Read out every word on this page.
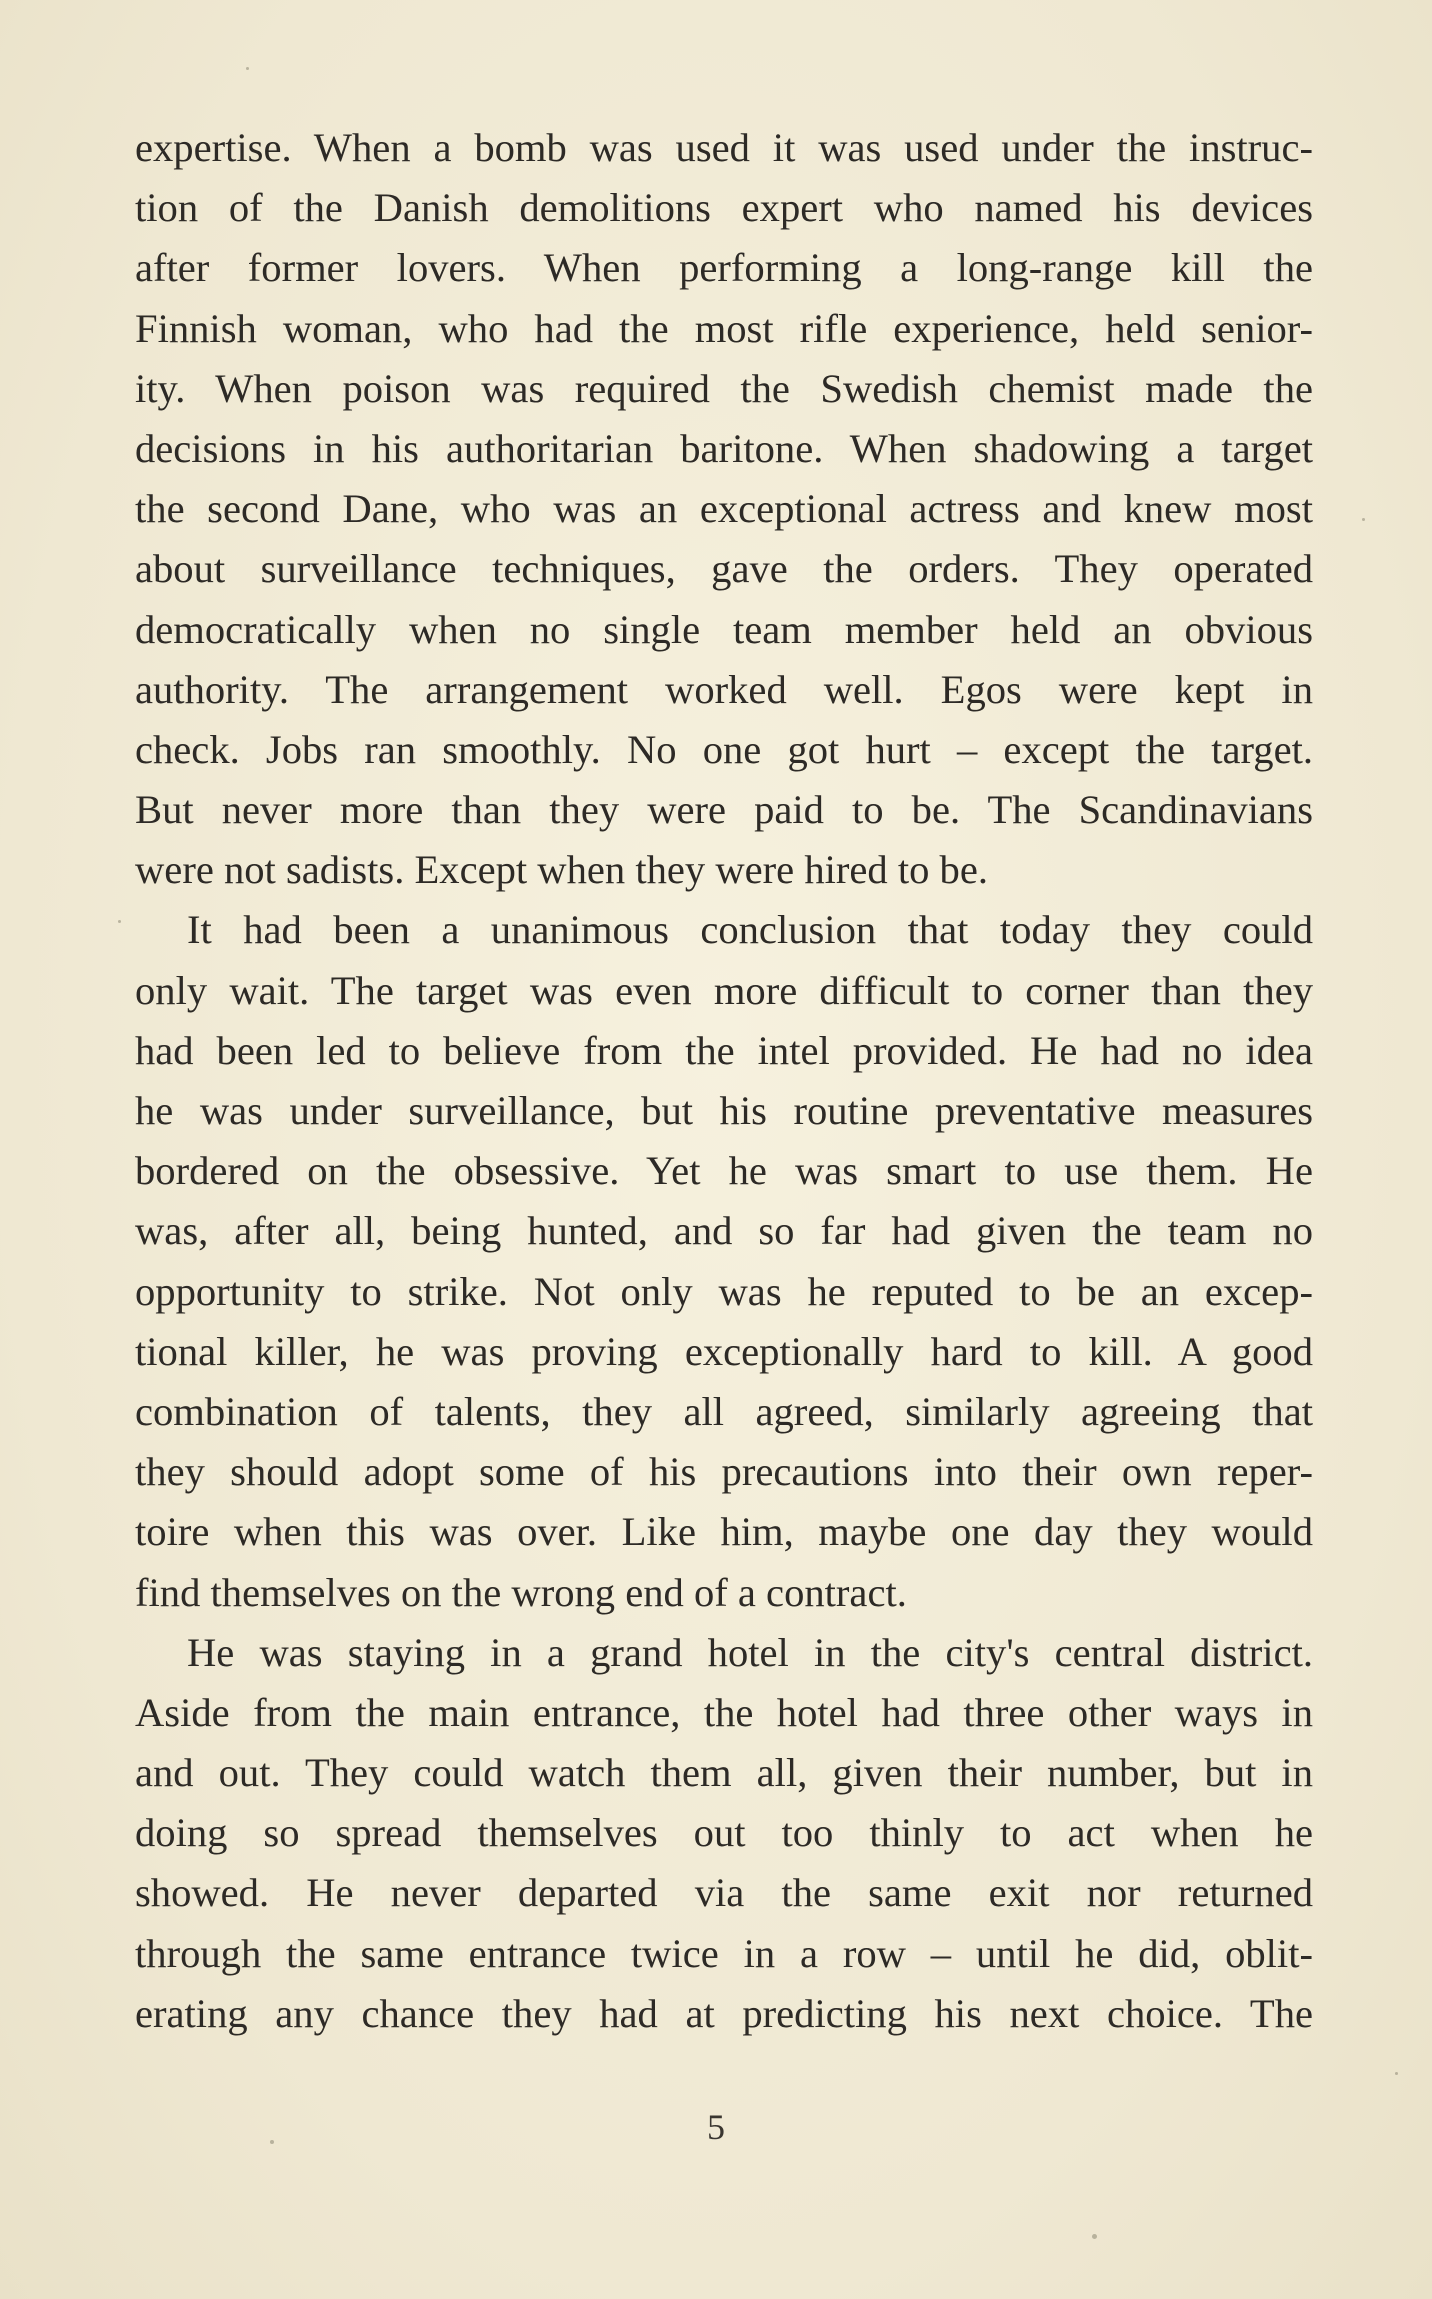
expertise. When a bomb was used it was used under the instruc-
tion of the Danish demolitions expert who named his devices
after former lovers. When performing a long-range kill the
Finnish woman, who had the most rifle experience, held senior-
ity. When poison was required the Swedish chemist made the
decisions in his authoritarian baritone. When shadowing a target
the second Dane, who was an exceptional actress and knew most
about surveillance techniques, gave the orders. They operated
democratically when no single team member held an obvious
authority. The arrangement worked well. Egos were kept in
check. Jobs ran smoothly. No one got hurt – except the target.
But never more than they were paid to be. The Scandinavians
were not sadists. Except when they were hired to be.
It had been a unanimous conclusion that today they could
only wait. The target was even more difficult to corner than they
had been led to believe from the intel provided. He had no idea
he was under surveillance, but his routine preventative measures
bordered on the obsessive. Yet he was smart to use them. He
was, after all, being hunted, and so far had given the team no
opportunity to strike. Not only was he reputed to be an excep-
tional killer, he was proving exceptionally hard to kill. A good
combination of talents, they all agreed, similarly agreeing that
they should adopt some of his precautions into their own reper-
toire when this was over. Like him, maybe one day they would
find themselves on the wrong end of a contract.
He was staying in a grand hotel in the city's central district.
Aside from the main entrance, the hotel had three other ways in
and out. They could watch them all, given their number, but in
doing so spread themselves out too thinly to act when he
showed. He never departed via the same exit nor returned
through the same entrance twice in a row – until he did, oblit-
erating any chance they had at predicting his next choice. The
5
